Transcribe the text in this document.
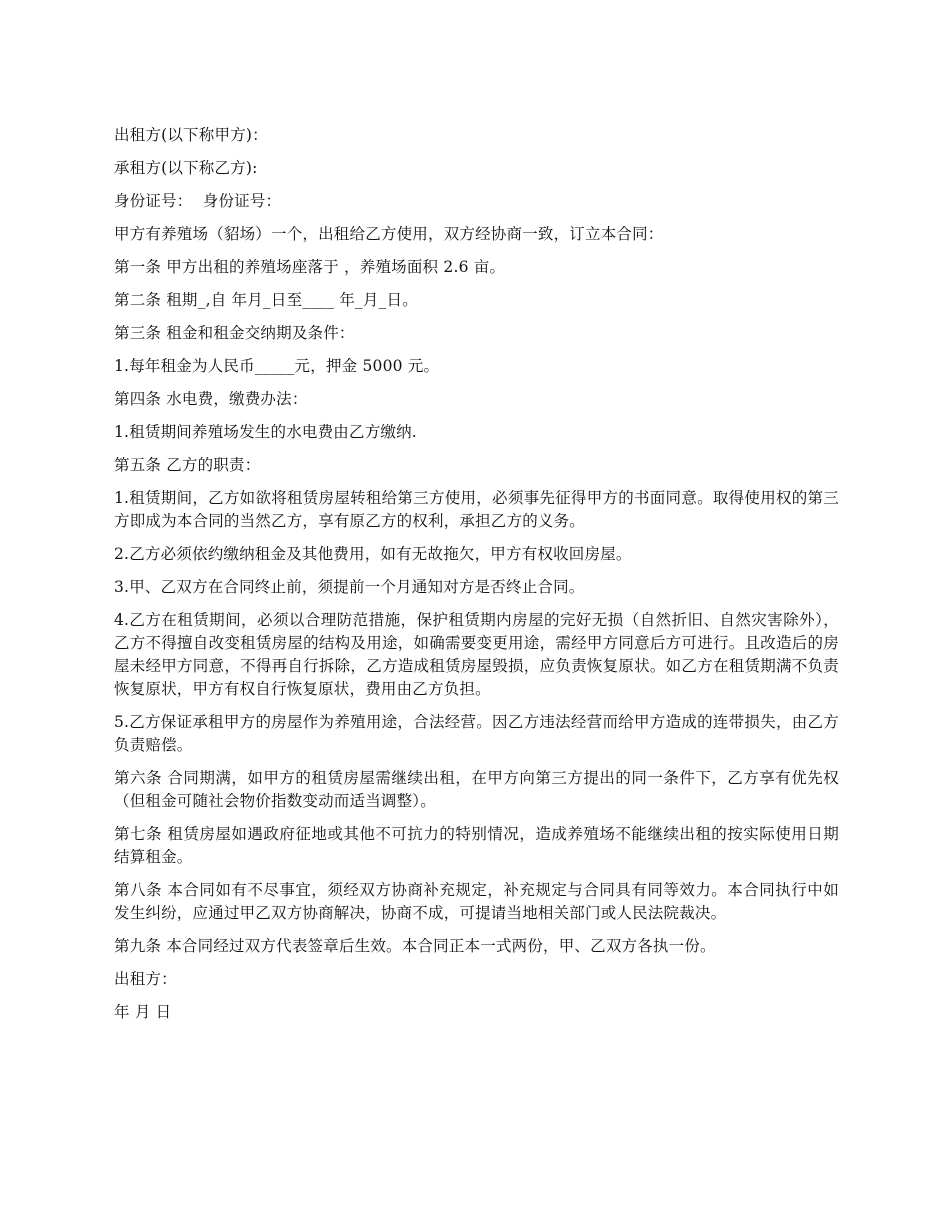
出租方(以下称甲方)：

承租方(以下称乙方):

身份证号：  身份证号：

甲方有养殖场（貂场）一个，出租给乙方使用，双方经协商一致，订立本合同：

第一条 甲方出租的养殖场座落于 ，养殖场面积 2.6 亩。

第二条 租期_,自 年月_日至____ 年_月_日。

第三条 租金和租金交纳期及条件：

1.每年租金为人民币_____元，押金 5000 元。

第四条 水电费，缴费办法：

1.租赁期间养殖场发生的水电费由乙方缴纳.

第五条 乙方的职责：

1.租赁期间，乙方如欲将租赁房屋转租给第三方使用，必须事先征得甲方的书面同意。取得使用权的第三方即成为本合同的当然乙方，享有原乙方的权利，承担乙方的义务。

2.乙方必须依约缴纳租金及其他费用，如有无故拖欠，甲方有权收回房屋。

3.甲、乙双方在合同终止前，须提前一个月通知对方是否终止合同。

4.乙方在租赁期间，必须以合理防范措施，保护租赁期内房屋的完好无损（自然折旧、自然灾害除外），乙方不得擅自改变租赁房屋的结构及用途，如确需要变更用途，需经甲方同意后方可进行。且改造后的房屋未经甲方同意，不得再自行拆除，乙方造成租赁房屋毁损，应负责恢复原状。如乙方在租赁期满不负责恢复原状，甲方有权自行恢复原状，费用由乙方负担。

5.乙方保证承租甲方的房屋作为养殖用途，合法经营。因乙方违法经营而给甲方造成的连带损失，由乙方负责赔偿。

第六条 合同期满，如甲方的租赁房屋需继续出租，在甲方向第三方提出的同一条件下，乙方享有优先权（但租金可随社会物价指数变动而适当调整）。

第七条 租赁房屋如遇政府征地或其他不可抗力的特别情况，造成养殖场不能继续出租的按实际使用日期结算租金。

第八条 本合同如有不尽事宜，须经双方协商补充规定，补充规定与合同具有同等效力。本合同执行中如发生纠纷，应通过甲乙双方协商解决，协商不成，可提请当地相关部门或人民法院裁决。

第九条 本合同经过双方代表签章后生效。本合同正本一式两份，甲、乙双方各执一份。

出租方：

年 月 日
